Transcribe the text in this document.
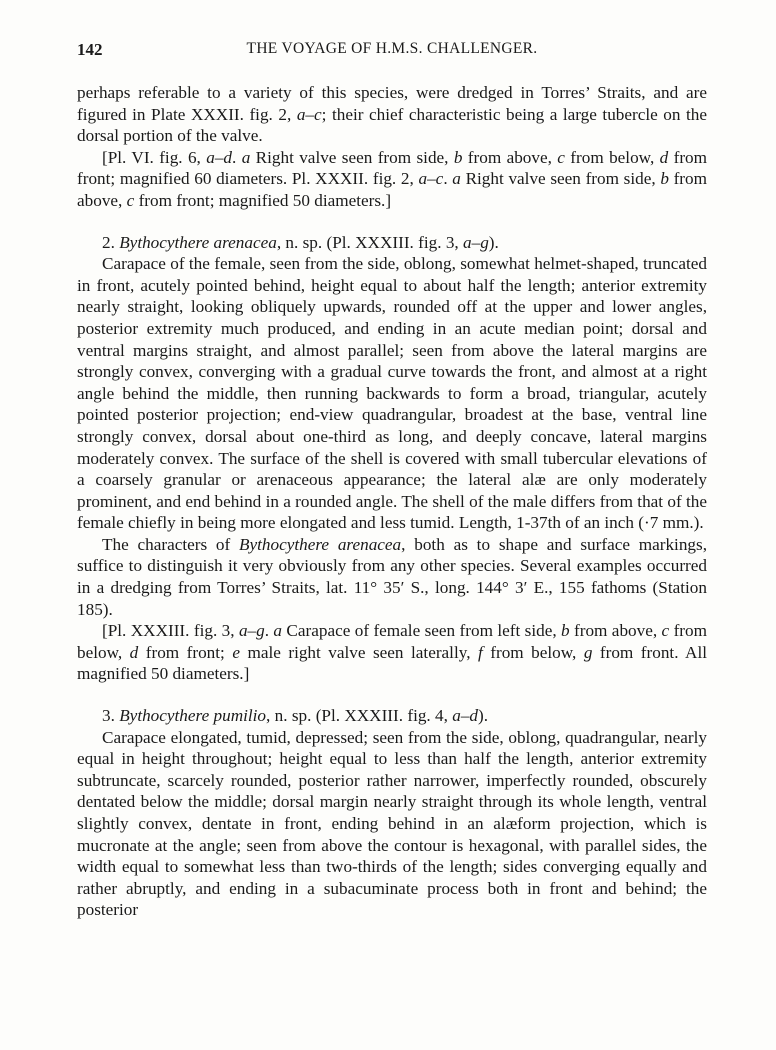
142	THE VOYAGE OF H.M.S. CHALLENGER.

perhaps referable to a variety of this species, were dredged in Torres’ Straits, and are figured in Plate XXXII. fig. 2, a–c; their chief characteristic being a large tubercle on the dorsal portion of the valve.

[Pl. VI. fig. 6, a–d. a Right valve seen from side, b from above, c from below, d from front; magnified 60 diameters. Pl. XXXII. fig. 2, a–c. a Right valve seen from side, b from above, c from front; magnified 50 diameters.]

2. Bythocythere arenacea, n. sp. (Pl. XXXIII. fig. 3, a–g).

Carapace of the female, seen from the side, oblong, somewhat helmet-shaped, truncated in front, acutely pointed behind, height equal to about half the length; anterior extremity nearly straight, looking obliquely upwards, rounded off at the upper and lower angles, posterior extremity much produced, and ending in an acute median point; dorsal and ventral margins straight, and almost parallel; seen from above the lateral margins are strongly convex, converging with a gradual curve towards the front, and almost at a right angle behind the middle, then running backwards to form a broad, triangular, acutely pointed posterior projection; end-view quadrangular, broadest at the base, ventral line strongly convex, dorsal about one-third as long, and deeply concave, lateral margins moderately convex. The surface of the shell is covered with small tubercular elevations of a coarsely granular or arenaceous appearance; the lateral alæ are only moderately prominent, and end behind in a rounded angle. The shell of the male differs from that of the female chiefly in being more elongated and less tumid. Length, 1-37th of an inch (·7 mm.).

The characters of Bythocythere arenacea, both as to shape and surface markings, suffice to distinguish it very obviously from any other species. Several examples occurred in a dredging from Torres’ Straits, lat. 11° 35′ S., long. 144° 3′ E., 155 fathoms (Station 185).

[Pl. XXXIII. fig. 3, a–g. a Carapace of female seen from left side, b from above, c from below, d from front; e male right valve seen laterally, f from below, g from front. All magnified 50 diameters.]

3. Bythocythere pumilio, n. sp. (Pl. XXXIII. fig. 4, a–d).

Carapace elongated, tumid, depressed; seen from the side, oblong, quadrangular, nearly equal in height throughout; height equal to less than half the length, anterior extremity subtruncate, scarcely rounded, posterior rather narrower, imperfectly rounded, obscurely dentated below the middle; dorsal margin nearly straight through its whole length, ventral slightly convex, dentate in front, ending behind in an alæform projection, which is mucronate at the angle; seen from above the contour is hexagonal, with parallel sides, the width equal to somewhat less than two-thirds of the length; sides converging equally and rather abruptly, and ending in a subacuminate process both in front and behind; the posterior
